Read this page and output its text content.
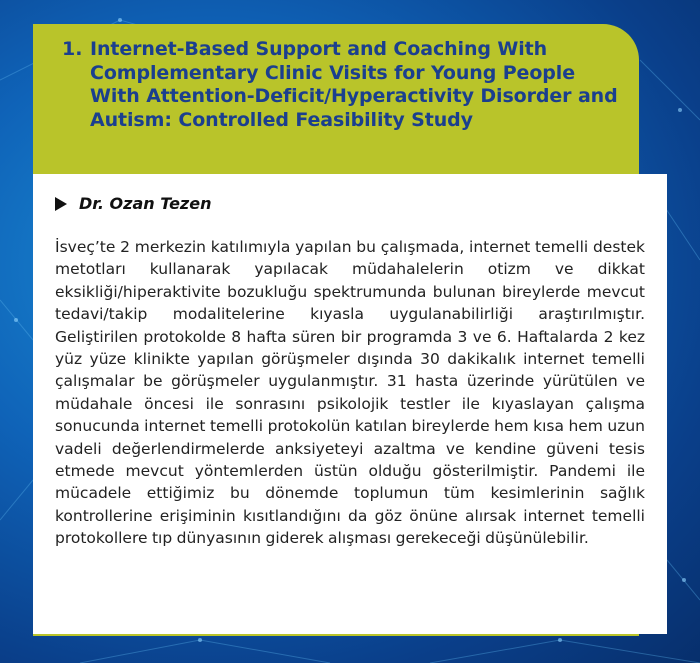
1. Internet-Based Support and Coaching With Complementary Clinic Visits for Young People With Attention-Deficit/Hyperactivity Disorder and Autism: Controlled Feasibility Study
Dr. Ozan Tezen
İsveç’te 2 merkezin katılımıyla yapılan bu çalışmada, internet temelli destek metotları kullanarak yapılacak müdahalelerin otizm ve dikkat eksikliği/hiperaktivite bozukluğu spektrumunda bulunan bireylerde mevcut tedavi/takip modalitelerine kıyasla uygulanabilirliği araştırılmıştır. Geliştirilen protokolde 8 hafta süren bir programda 3 ve 6. Haftalarda 2 kez yüz yüze klinikte yapılan görüşmeler dışında 30 dakikalık internet temelli çalışmalar be görüşmeler uygulanmıştır. 31 hasta üzerinde yürütülen ve müdahale öncesi ile sonrasını psikolojik testler ile kıyaslayan çalışma sonucunda internet temelli protokolün katılan bireylerde hem kısa hem uzun vadeli değerlendirmelerde anksiyeteyi azaltma ve kendine güveni tesis etmede mevcut yöntemlerden üstün olduğu gösterilmiştir. Pandemi ile mücadele ettiğimiz bu dönemde toplumun tüm kesimlerinin sağlık kontrollerine erişiminin kısıtlandığını da göz önüne alırsak internet temelli protokollere tıp dünyasının giderek alışması gerekeceği düşünülebilir.
